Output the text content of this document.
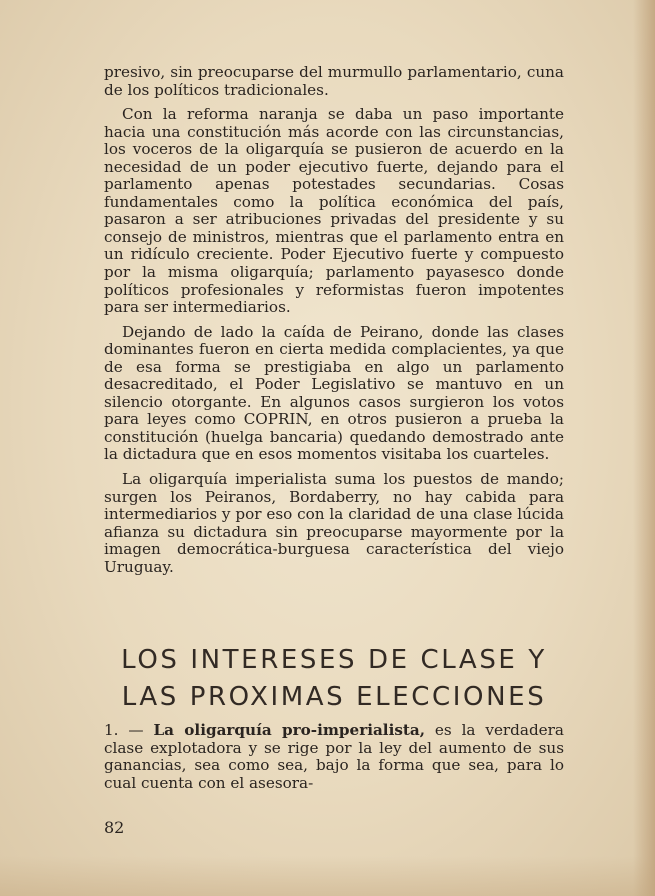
presivo, sin preocuparse del murmullo parlamentario, cuna de los políticos tradicionales.

Con la reforma naranja se daba un paso importante hacia una constitución más acorde con las circunstancias, los voceros de la oligarquía se pusieron de acuerdo en la necesidad de un poder ejecutivo fuerte, dejando para el parlamento apenas potestades secundarias. Cosas fundamentales como la política económica del país, pasaron a ser atribuciones privadas del presidente y su consejo de ministros, mientras que el parlamento entra en un ridículo creciente. Poder Ejecutivo fuerte y compuesto por la misma oligarquía; parlamento payasesco donde políticos profesionales y reformistas fueron impotentes para ser intermediarios.

Dejando de lado la caída de Peirano, donde las clases dominantes fueron en cierta medida complacientes, ya que de esa forma se prestigiaba en algo un parlamento desacreditado, el Poder Legislativo se mantuvo en un silencio otorgante. En algunos casos surgieron los votos para leyes como COPRIN, en otros pusieron a prueba la constitución (huelga bancaria) quedando demostrado ante la dictadura que en esos momentos visitaba los cuarteles.

La oligarquía imperialista suma los puestos de mando; surgen los Peiranos, Bordaberry, no hay cabida para intermediarios y por eso con la claridad de una clase lúcida afianza su dictadura sin preocuparse mayormente por la imagen democrática-burguesa característica del viejo Uruguay.

LOS INTERESES DE CLASE Y
LAS PROXIMAS ELECCIONES

1. — La oligarquía pro-imperialista, es la verdadera clase explotadora y se rige por la ley del aumento de sus ganancias, sea como sea, bajo la forma que sea, para lo cual cuenta con el asesora-

82
